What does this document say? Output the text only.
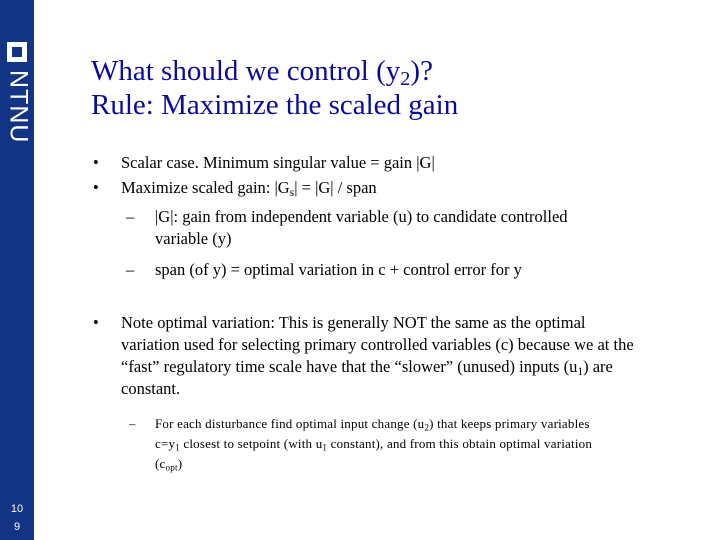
NTNU
10
9
What should we control $(y_2)$?
Rule: Maximize the scaled gain
• Scalar case. Minimum singular value = gain |G|
• Maximize scaled gain: $|G_s| = |G|$ / span
– |G|: gain from independent variable (u) to candidate controlled
variable (y)
– span (of y) = optimal variation in c + control error for y
• Note optimal variation: This is generally NOT the same as the optimal
variation used for selecting primary controlled variables (c) because we at the
“fast” regulatory time scale have that the “slower” (unused) inputs $(u_1)$ are
constant.
– For each disturbance find optimal input change $(u_2)$ that keeps primary variables
$c=y_1$ closest to setpoint (with $u_1$ constant), and from this obtain optimal variation
$(c_{opt})$
